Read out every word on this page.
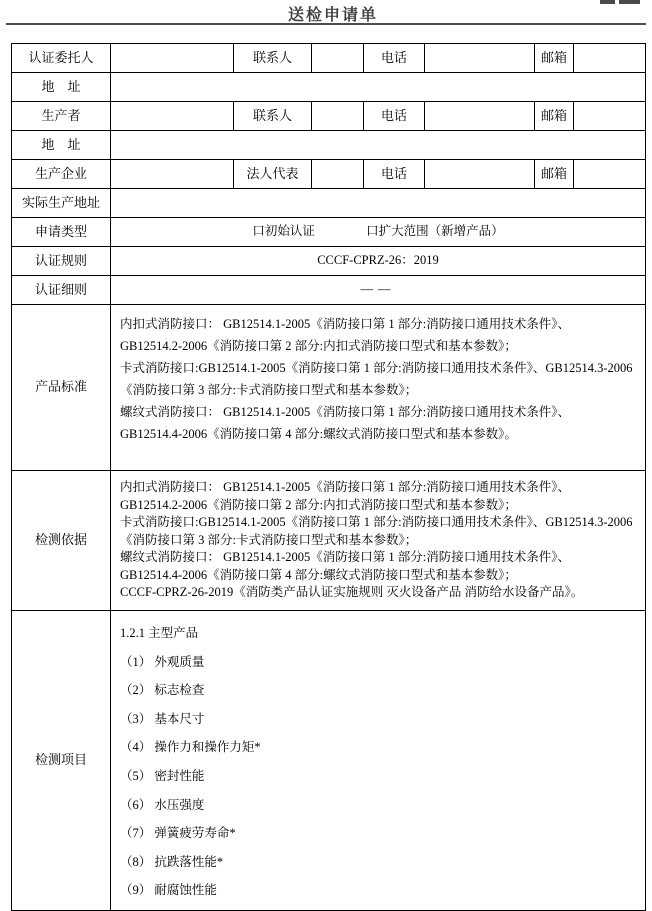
送检申请单
认证委托人		联系人		电话		邮箱	
地　址							
生产者		联系人		电话		邮箱	
地　址							
生产企业		法人代表		电话		邮箱	
实际生产地址							
申请类型	口初始认证 口扩大范围（新增产品）						
认证规则	CCCF-CPRZ-26：2019						
认证细则	——						
产品标准	
内扣式消防接口： GB12514.1-2005《消防接口第 1 部分:消防接口通用技术条件》、
GB12514.2-2006《消防接口第 2 部分:内扣式消防接口型式和基本参数》；
卡式消防接口:GB12514.1-2005《消防接口第 1 部分:消防接口通用技术条件》、GB12514.3-2006
《消防接口第 3 部分:卡式消防接口型式和基本参数》；
螺纹式消防接口： GB12514.1-2005《消防接口第 1 部分:消防接口通用技术条件》、
GB12514.4-2006《消防接口第 4 部分:螺纹式消防接口型式和基本参数》。

检测依据	
内扣式消防接口： GB12514.1-2005《消防接口第 1 部分:消防接口通用技术条件》、
GB12514.2-2006《消防接口第 2 部分:内扣式消防接口型式和基本参数》；
卡式消防接口:GB12514.1-2005《消防接口第 1 部分:消防接口通用技术条件》、GB12514.3-2006
《消防接口第 3 部分:卡式消防接口型式和基本参数》；
螺纹式消防接口： GB12514.1-2005《消防接口第 1 部分:消防接口通用技术条件》、
GB12514.4-2006《消防接口第 4 部分:螺纹式消防接口型式和基本参数》；
CCCF-CPRZ-26-2019《消防类产品认证实施规则 灭火设备产品 消防给水设备产品》。

检测项目	
1.2.1 主型产品
（1） 外观质量
（2） 标志检查
（3） 基本尺寸
（4） 操作力和操作力矩*
（5） 密封性能
（6） 水压强度
（7） 弹簧疲劳寿命*
（8） 抗跌落性能*
（9） 耐腐蚀性能
